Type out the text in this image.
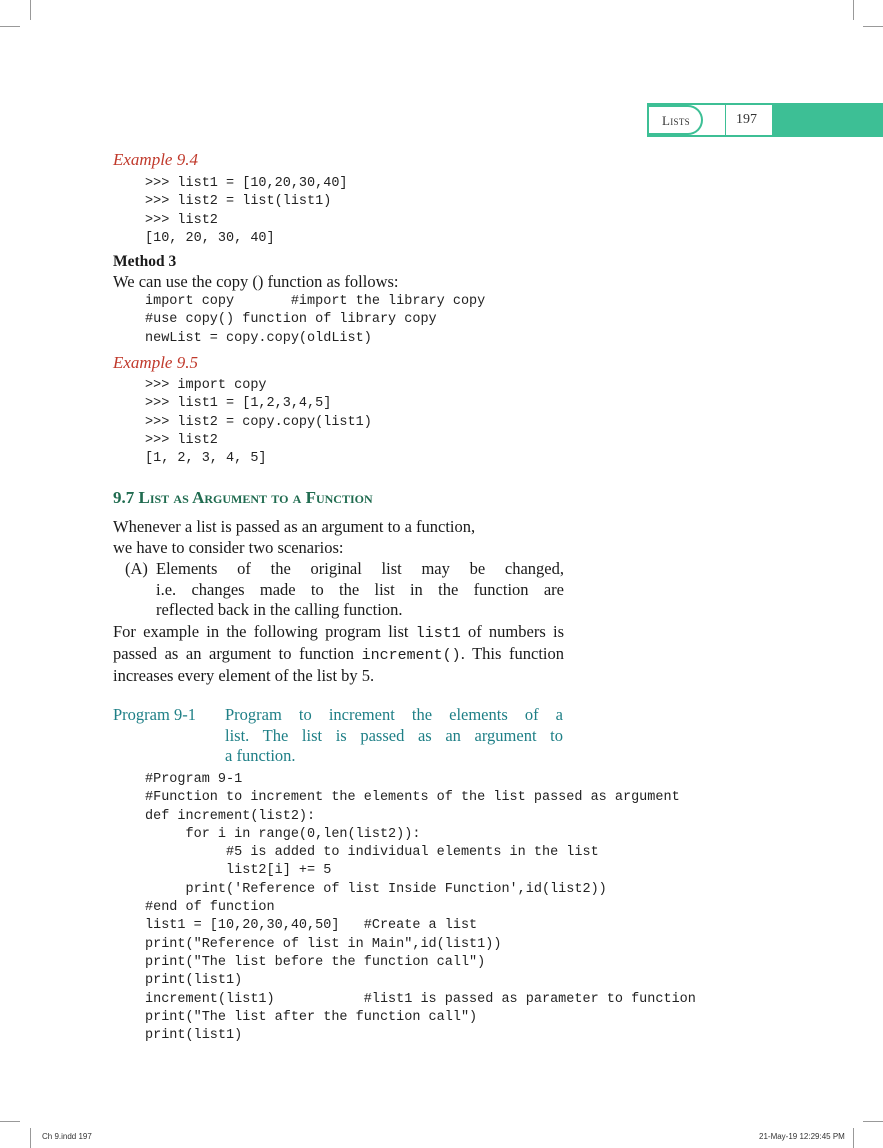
Lists	197
Example 9.4
>>> list1 = [10,20,30,40]
>>> list2 = list(list1)
>>> list2
[10, 20, 30, 40]
Method 3
We can use the copy () function as follows:
import copy       #import the library copy
#use copy() function of library copy
newList = copy.copy(oldList)
Example 9.5
>>> import copy
>>> list1 = [1,2,3,4,5]
>>> list2 = copy.copy(list1)
>>> list2
[1, 2, 3, 4, 5]
9.7 List as Argument to a Function
Whenever a list is passed as an argument to a function,
we have to consider two scenarios:
(A) Elements of the original list may be changed,
i.e. changes made to the list in the function are
reflected back in the calling function.
For example in the following program list list1 of numbers is passed as an argument to function increment(). This function increases every element of the list by 5.
Program 9-1 Program to increment the elements of a
list. The list is passed as an argument to
a function.
#Program 9-1
#Function to increment the elements of the list passed as argument
def increment(list2):
for i in range(0,len(list2)):
#5 is added to individual elements in the list
list2[i] += 5
print('Reference of list Inside Function',id(list2))
#end of function
list1 = [10,20,30,40,50]   #Create a list
print("Reference of list in Main",id(list1))
print("The list before the function call")
print(list1)
increment(list1)           #list1 is passed as parameter to function
print("The list after the function call")
print(list1)
Ch 9.indd 197	21-May-19 12:29:45 PM
